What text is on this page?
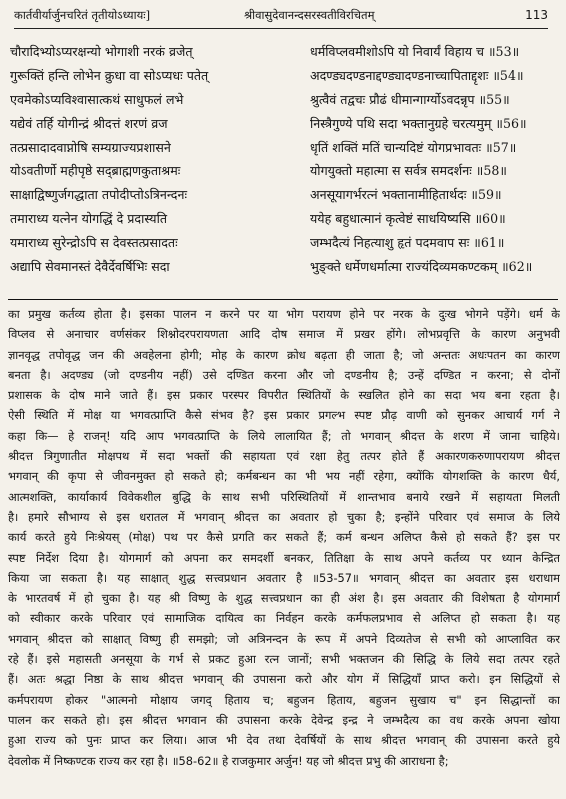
कार्तवीर्यार्जुनचरितं तृतीयोऽध्यायः]	श्रीवासुदेवानन्दसरस्वतीविरचितम्	113
चौरादिभ्योऽप्यरक्षन्यो भोगाशी नरकं व्रजेत्	धर्मविप्लवमीशोऽपि यो निवार्यं विहाय च ॥53॥
गुरूक्तिं हन्ति लोभेन क्रुधा वा सोऽप्यधः पतेत्	अदण्ड्यदण्डनाद्दण्ड्यादण्डनाच्चापिताद्दृशः ॥54॥
एवमेकोऽप्यविश्वासात्कथं साधुफलं लभे	श्रुत्वैवं तद्वचः प्रौढं धीमान्गार्ग्योऽवदन्नृप ॥55॥
यद्येवं तर्हि योगीन्द्रं श्रीदत्तं शरणं व्रज	निस्त्रैगुण्ये पथि सदा भक्तानुग्रहे चरत्यमुम् ॥56॥
तत्प्रसादादवाप्नोषि सम्यग्राज्यप्रशासने	धृतिं शक्तिं मतिं चान्यदिष्टं योगप्रभावतः ॥57॥
योऽवतीर्णो महीपृष्ठे सद्ब्राह्मणकुताश्रमः	योगयुक्तो महात्मा स सर्वत्र समदर्शनः ॥58॥
साक्षाद्विष्णुर्जगद्धाता तपोदीप्तोऽत्रिनन्दनः	अनसूयागर्भरत्नं भक्तानामीहितार्थदः ॥59॥
तमाराध्य यत्नेन योगद्धिं दे प्रदास्यति	ययेह बहुधात्मानं कृत्वेष्टं साधयिष्यसि ॥60॥
यमाराध्य सुरेन्द्रोऽपि स देवस्तत्प्रसादतः	जम्भदैत्यं निहत्याशु हृतं पदमवाप सः ॥61॥
अद्यापि सेवमानस्तं देवैर्देवर्षिभिः सदा	भुङ्क्ते धर्मेणधर्मात्मा राज्यंदिव्यमकण्टकम् ॥62॥
का प्रमुख कर्तव्य होता है। इसका पालन न करने पर या भोग परायण होने पर नरक के दुःख भोगने पड़ेंगे। धर्म के
विप्लव से अनाचार वर्णसंकर शिश्नोदरपरायणता आदि दोष समाज में प्रखर होंगे। लोभप्रवृत्ति के कारण अनुभवी
ज्ञानवृद्ध तपोवृद्ध जन की अवहेलना होगी; मोह के कारण क्रोध बढ़ता ही जाता है; जो अन्ततः अधःपतन का कारण
बनता है। अदण्ड्य (जो दण्डनीय नहीं) उसे दण्डित करना और जो दण्डनीय है; उन्हें दण्डित न करना; से दोनों
प्रशासक के दोष माने जाते हैं। इस प्रकार परस्पर विपरीत स्थितियों के स्खलित होने का सदा भय बना रहता है।
ऐसी स्थिति में मोक्ष या भगवत्प्राप्ति कैसे संभव है? इस प्रकार प्रगल्भ स्पष्ट प्रौढ़ वाणी को सुनकर आचार्य गर्ग ने
कहा कि— हे राजन्! यदि आप भगवत्प्राप्ति के लिये लालायित हैं; तो भगवान् श्रीदत्त के शरण में जाना चाहिये।
श्रीदत्त त्रिगुणातीत मोक्षपथ में सदा भक्तों की सहायता एवं रक्षा हेतु तत्पर होते हैं अकारणकरुणापरायण श्रीदत्त
भगवान् की कृपा से जीवनमुक्त हो सकते हो; कर्मबन्धन का भी भय नहीं रहेगा, क्योंकि योगशक्ति के कारण धैर्य,
आत्मशक्ति, कार्याकार्य विवेकशील बुद्धि के साथ सभी परिस्थितियों में शान्तभाव बनाये रखने में सहायता मिलती
है। हमारे सौभाग्य से इस धरातल में भगवान् श्रीदत्त का अवतार हो चुका है; इन्होंने परिवार एवं समाज के लिये
कार्य करते हुये निःश्रेयस् (मोक्ष) पथ पर कैसे प्रगति कर सकते हैं; कर्म बन्धन अलिप्त कैसे हो सकते हैं? इस पर
स्पष्ट निर्देश दिया है। योगमार्ग को अपना कर समदर्शी बनकर, तितिक्षा के साथ अपने कर्तव्य पर ध्यान केन्द्रित
किया जा सकता है। यह साक्षात् शुद्ध सत्त्वप्रधान अवतार है ॥53-57॥ भगवान् श्रीदत्त का अवतार इस धराधाम
के भारतवर्ष में हो चुका है। यह श्री विष्णु के शुद्ध सत्त्वप्रधान का ही अंश है। इस अवतार की विशेषता है योगमार्ग
को स्वीकार करके परिवार एवं सामाजिक दायित्व का निर्वहन करके कर्मफलप्रभाव से अलिप्त हो सकता है। यह
भगवान् श्रीदत्त को साक्षात् विष्णु ही समझो; जो अत्रिनन्दन के रूप में अपने दिव्यतेज से सभी को आप्लावित कर
रहे हैं। इसे महासती अनसूया के गर्भ से प्रकट हुआ रत्न जानों; सभी भक्तजन की सिद्धि के लिये सदा तत्पर रहते
हैं। अतः श्रद्धा निष्ठा के साथ श्रीदत्त भगवान् की उपासना करो और योग में सिद्धियाँ प्राप्त करो। इन सिद्धियों से
कर्मपरायण होकर "आत्मनो मोक्षाय जगद् हिताय च; बहुजन हिताय, बहुजन सुखाय च" इन सिद्धान्तों का
पालन कर सकते हो। इस श्रीदत्त भगवान की उपासना करके देवेन्द्र इन्द्र ने जम्भदैत्य का वध करके अपना खोया
हुआ राज्य को पुनः प्राप्त कर लिया। आज भी देव तथा देवर्षियों के साथ श्रीदत्त भगवान् की उपासना करते हुये
देवलोक में निष्कण्टक राज्य कर रहा है। ॥58-62॥ हे राजकुमार अर्जुन! यह जो श्रीदत्त प्रभु की आराधना है;
